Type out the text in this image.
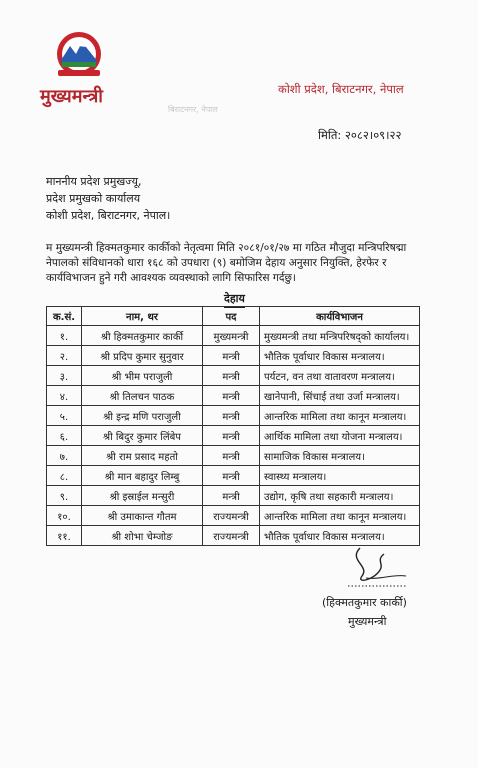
मुख्यमन्त्री	कोशी प्रदेश, बिराटनगर, नेपाल
बिराटनगर, नेपाल
मिति: २०८२।०९।२२
माननीय प्रदेश प्रमुखज्यू,
प्रदेश प्रमुखको कार्यालय
कोशी प्रदेश, बिराटनगर, नेपाल।
म मुख्यमन्त्री हिक्मतकुमार कार्कीको नेतृत्वमा मिति २०८१/०१/२७ मा गठित मौजुदा मन्त्रिपरिषद्मा नेपालको संविधानको धारा १६८ को उपधारा (९) बमोजिम देहाय अनुसार नियुक्ति, हेरफेर र कार्यविभाजन हुने गरी आवश्यक व्यवस्थाको लागि सिफारिस गर्दछु।
देहाय
क.सं.	नाम, थर	पद	कार्यविभाजन
१.	श्री हिक्मतकुमार कार्की	मुख्यमन्त्री	मुख्यमन्त्री तथा मन्त्रिपरिषद्को कार्यालय।
२.	श्री प्रदिप कुमार सुनुवार	मन्त्री	भौतिक पूर्वाधार विकास मन्त्रालय।
३.	श्री भीम पराजुली	मन्त्री	पर्यटन, वन तथा वातावरण मन्त्रालय।
४.	श्री तिलचन पाठक	मन्त्री	खानेपानी, सिंचाई तथा उर्जा मन्त्रालय।
५.	श्री इन्द्र मणि पराजुली	मन्त्री	आन्तरिक मामिला तथा कानून मन्त्रालय।
६.	श्री बिदुर कुमार लिंबेप	मन्त्री	आर्थिक मामिला तथा योजना मन्त्रालय।
७.	श्री राम प्रसाद महतो	मन्त्री	सामाजिक विकास मन्त्रालय।
८.	श्री मान बहादुर लिम्बु	मन्त्री	स्वास्थ्य मन्त्रालय।
९.	श्री इस्राईल मन्सुरी	मन्त्री	उद्योग, कृषि तथा सहकारी मन्त्रालय।
१०.	श्री उमाकान्त गौतम	राज्यमन्त्री	आन्तरिक मामिला तथा कानून मन्त्रालय।
११.	श्री शोभा चेम्जोङ	राज्यमन्त्री	भौतिक पूर्वाधार विकास मन्त्रालय।
(हिक्मतकुमार कार्की)
मुख्यमन्त्री
